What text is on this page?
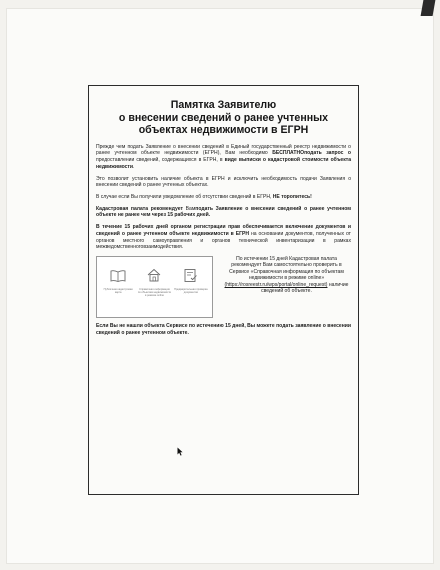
Памятка Заявителю
о внесении сведений о ранее учтенных
объектах недвижимости в ЕГРН

Прежде чем подать Заявление о внесении сведений в Единый государственный реестр недвижимости о ранее учтенном объекте недвижимости (ЕГРН), Вам необходимо БЕСПЛАТНОподать запрос о предоставлении сведений, содержащихся в ЕГРН, в виде выписки о кадастровой стоимости объекта недвижимости.

Это позволит установить наличие объекта в ЕГРН и исключить необходимость подачи Заявления о внесении сведений о ранее учтенных объектах.

В случае если Вы получили уведомление об отсутствии сведений в ЕГРН, НЕ торопитесь!

Кадастровая палата рекомендует Вамподать Заявление о внесении сведений о ранее учтенном объекте не ранее чем через 15 рабочих дней.

В течение 15 рабочих дней органом регистрации прав обеспечивается включение документов и сведений о ранее учтенном объекте недвижимости в ЕГРН на основании документов, полученных от органов местного самоуправления и органов технической инвентаризации в рамках межведомственноговзаимодействия.

Публичная кадастровая карта
Справочная информация по объектам недвижимости в режиме online
Предварительная проверка документов
По истечении 15 дней Кадастровая палата рекомендует Вам самостоятельно проверить в Сервисе «Справочная информация по объектам недвижимости в режиме online» (https://rosreestr.ru/wps/portal/online_request) наличие сведений об объекте.

Если Вы не нашли объекта Сервисе по истечению 15 дней, Вы можете подать заявление о внесении сведений о ранее учтенном объекте.
